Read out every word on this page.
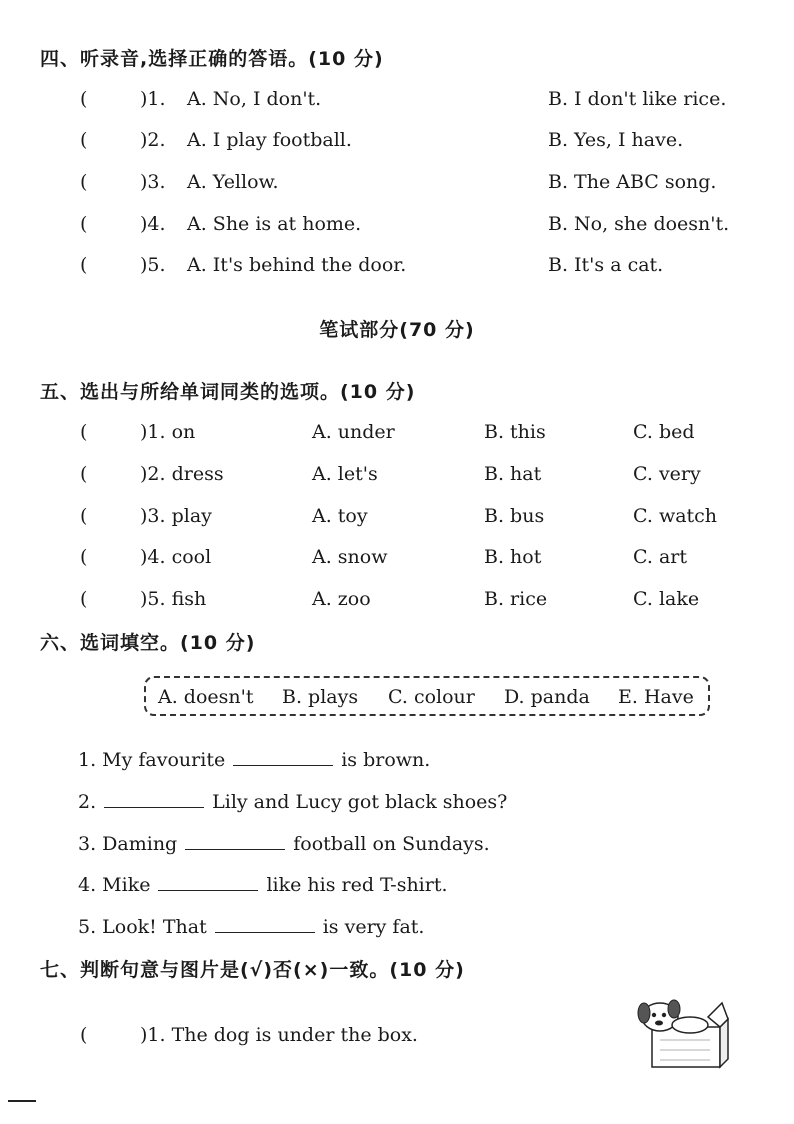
四、听录音,选择正确的答语。(10 分)
(	)1. A. No, I don't.	B. I don't like rice.
(	)2. A. I play football.	B. Yes, I have.
(	)3. A. Yellow.	B. The ABC song.
(	)4. A. She is at home.	B. No, she doesn't.
(	)5. A. It's behind the door.	B. It's a cat.
笔试部分(70 分)
五、选出与所给单词同类的选项。(10 分)
(	)1. on	A. under	B. this	C. bed
(	)2. dress	A. let's	B. hat	C. very
(	)3. play	A. toy	B. bus	C. watch
(	)4. cool	A. snow	B. hot	C. art
(	)5. fish	A. zoo	B. rice	C. lake
六、选词填空。(10 分)
A. doesn't B. plays C. colour D. panda E. Have
1. My favourite	is brown.
2.	Lily and Lucy got black shoes?
3. Daming	football on Sundays.
4. Mike	like his red T-shirt.
5. Look! That	is very fat.
七、判断句意与图片是(√)否(×)一致。(10 分)
(	)1. The dog is under the box.
